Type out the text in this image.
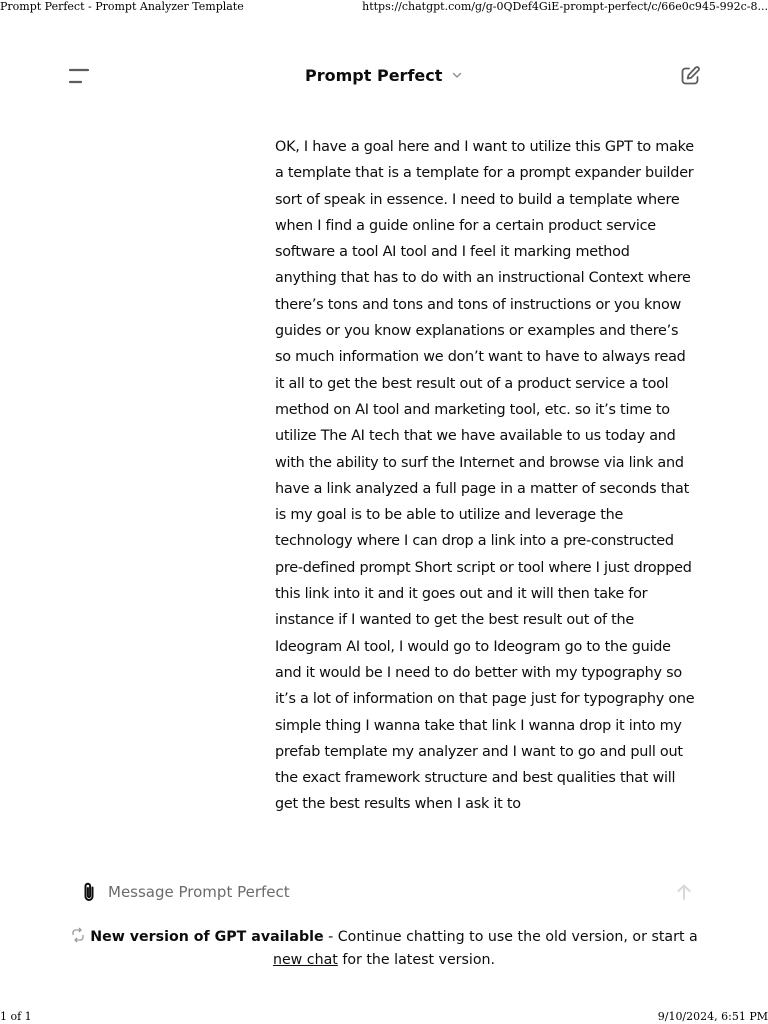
Prompt Perfect - Prompt Analyzer Template	https://chatgpt.com/g/g-0QDef4GiE-prompt-perfect/c/66e0c945-992c-8...
Prompt Perfect

OK, I have a goal here and I want to utilize this GPT to make a template that is a template for a prompt expander builder sort of speak in essence. I need to build a template where when I find a guide online for a certain product service software a tool AI tool and I feel it marking method anything that has to do with an instructional Context where there’s tons and tons and tons of instructions or you know guides or you know explanations or examples and there’s so much information we don’t want to have to always read it all to get the best result out of a product service a tool method on AI tool and marketing tool, etc. so it’s time to utilize The AI tech that we have available to us today and with the ability to surf the Internet and browse via link and have a link analyzed a full page in a matter of seconds that is my goal is to be able to utilize and leverage the technology where I can drop a link into a pre-constructed pre-defined prompt Short script or tool where I just dropped this link into it and it goes out and it will then take for instance if I wanted to get the best result out of the Ideogram AI tool, I would go to Ideogram go to the guide and it would be I need to do better with my typography so it’s a lot of information on that page just for typography one simple thing I wanna take that link I wanna drop it into my prefab template my analyzer and I want to go and pull out the exact framework structure and best qualities that will get the best results when I ask it to

Message Prompt Perfect
New version of GPT available - Continue chatting to use the old version, or start a new chat for the latest version.
1 of 1	9/10/2024, 6:51 PM
